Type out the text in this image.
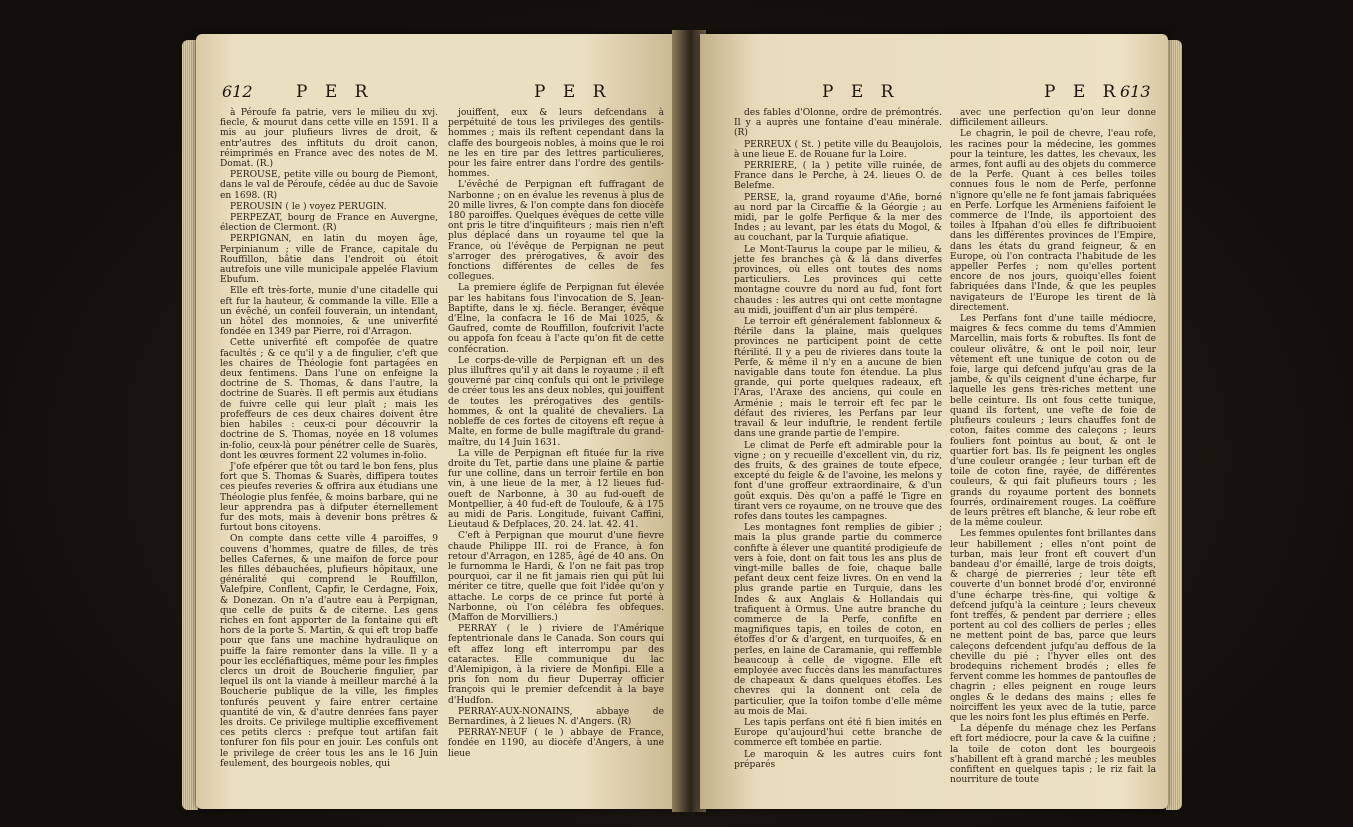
612	P E R	P E R

à Péroufe fa patrie, vers le milieu du xvj. fiecle, & mourut dans cette ville en 1591. Il a mis au jour plufieurs livres de droit, & entr'autres des inftituts du droit canon, réimprimés en France avec des notes de M. Domat. (R.)

PEROUSE, petite ville ou bourg de Piemont, dans le val de Péroufe, cédée au duc de Savoie en 1698. (R)

PEROUSIN ( le ) voyez PERUGIN.

PERPEZAT, bourg de France en Auvergne, élection de Clermont. (R)

PERPIGNAN, en latin du moyen âge, Perpinianum ; ville de France, capitale du Rouffillon, bâtie dans l'endroit où étoit autrefois une ville municipale appelée Flavium Ebufum.

Elle eft très-forte, munie d'une citadelle qui eft fur la hauteur, & commande la ville. Elle a un évêché, un confeil fouverain, un intendant, un hôtel des monnoies, & une univerfité fondée en 1349 par Pierre, roi d'Arragon.

Cette univerfité eft compofée de quatre facultés ; & ce qu'il y a de fingulier, c'eft que les chaires de Théologie font partagées en deux fentimens. Dans l'une on enfeigne la doctrine de S. Thomas, & dans l'autre, la doctrine de Suarès. Il eft permis aux étudians de fuivre celle qui leur plaît ; mais les profeffeurs de ces deux chaires doivent être bien habiles : ceux-ci pour découvrir la doctrine de S. Thomas, noyée en 18 volumes in-folio, ceux-là pour pénétrer celle de Suarès, dont les œuvres forment 22 volumes in-folio.

J'ofe efpérer que tôt ou tard le bon fens, plus fort que S. Thomas & Suarès, diffipera toutes ces pieufes reveries & offrira aux étudians une Théologie plus fenfée, & moins barbare, qui ne leur apprendra pas à difputer éternellement fur des mots, mais à devenir bons prêtres & furtout bons citoyens.

On compte dans cette ville 4 paroiffes, 9 couvens d'hommes, quatre de filles, de très belles Cafernes, & une maifon de force pour les filles débauchées, plufieurs hôpitaux, une généralité qui comprend le Rouffillon, Valefpire, Conflent, Capfir, le Cerdagne, Foix, & Donezan. On n'a d'autre eau à Perpignan, que celle de puits & de citerne. Les gens riches en font apporter de la fontaine qui eft hors de la porte S. Martin, & qui eft trop baffe pour que fans une machine hydraulique on puiffe la faire remonter dans la ville. Il y a pour les eccléfiaftiques, même pour les fimples clercs un droit de Boucherie fingulier, par lequel ils ont la viande à meilleur marché à la Boucherie publique de la ville, les fimples tonfurés peuvent y faire entrer certaine quantité de vin, & d'autre denrées fans payer les droits. Ce privilege multiplie exceffivement ces petits clercs : prefque tout artifan fait tonfurer fon fils pour en jouir. Les confuls ont le privilege de créer tous les ans le 16 Juin feulement, des bourgeois nobles, qui

jouiffent, eux & leurs defcendans à perpétuité de tous les privileges des gentils-hommes ; mais ils reftent cependant dans la claffe des bourgeois nobles, à moins que le roi ne les en tire par des lettres particulieres, pour les faire entrer dans l'ordre des gentils-hommes.

L'évêché de Perpignan eft fuffragant de Narbonne ; on en évalue les revenus à plus de 20 mille livres, & l'on compte dans fon diocèfe 180 paroiffes. Quelques évêques de cette ville ont pris le titre d'inquifiteurs ; mais rien n'eft plus déplacé dans un royaume tel que la France, où l'évêque de Perpignan ne peut s'arroger des prérogatives, & avoir des fonctions différentes de celles de fes collegues.

La premiere églife de Perpignan fut élevée par les habitans fous l'invocation de S. Jean-Baptifte, dans le xj. fiécle. Beranger, évêque d'Elne, la confacra le 16 de Mai 1025, & Gaufred, comte de Rouffillon, foufcrivit l'acte ou appofa fon fceau à l'acte qu'on fit de cette confécration.

Le corps-de-ville de Perpignan eft un des plus illuftres qu'il y ait dans le royaume ; il eft gouverné par cinq confuls qui ont le privilege de créer tous les ans deux nobles, qui jouiffent de toutes les prérogatives des gentils-hommes, & ont la qualité de chevaliers. La nobleffe de ces fortes de citoyens eft reçue à Malte, en forme de bulle magiftrale du grand-maître, du 14 Juin 1631.

La ville de Perpignan eft fituée fur la rive droite du Tet, partie dans une plaine & partie fur une colline, dans un terroir fertile en bon vin, à une lieue de la mer, à 12 lieues fud-oueft de Narbonne, à 30 au fud-oueft de Montpellier, à 40 fud-eft de Touloufe, & à 175 au midi de Paris. Longitude, fuivant Caffini, Lieutaud & Defplaces, 20. 24. lat. 42. 41.

C'eft à Perpignan que mourut d'une fievre chaude Philippe III. roi de France, à fon retour d'Arragon, en 1285, âgé de 40 ans. On le furnomma le Hardi, & l'on ne fait pas trop pourquoi, car il ne fit jamais rien qui pût lui mériter ce titre, quelle que foit l'idée qu'on y attache. Le corps de ce prince fut porté à Narbonne, où l'on célébra fes obfeques. (Maffon de Morvilliers.)

PERRAY ( le ) riviere de l'Amérique feptentrionale dans le Canada. Son cours qui eft affez long eft interrompu par des cataractes. Elle communique du lac d'Alemipigon, à la riviere de Monfipi. Elle a pris fon nom du fieur Duperray officier françois qui le premier defcendit à la baye d'Hudfon.

PERRAY-AUX-NONAINS, abbaye de Bernardines, à 2 lieues N. d'Angers. (R)

PERRAY-NEUF ( le ) abbaye de France, fondée en 1190, au diocèfe d'Angers, à une lieue

P E R	P E R
613

des fables d'Olonne, ordre de prémontrés. Il y a auprès une fontaine d'eau minérale. (R)

PERREUX ( St. ) petite ville du Beaujolois, à une lieue E. de Rouane fur la Loire.

PERRIERE, ( la ) petite ville ruinée, de France dans le Perche, à 24. lieues O. de Belefme.

PERSE, la, grand royaume d'Afie, borné au nord par la Circaffie & la Géorgie ; au midi, par le golfe Perfique & la mer des Indes ; au levant, par les états du Mogol, & au couchant, par la Turquie afiatique.

Le Mont-Taurus la coupe par le milieu, & jette fes branches çà & là dans diverfes provinces, où elles ont toutes des noms particuliers. Les provinces qui cette montagne couvre du nord au fud, font fort chaudes : les autres qui ont cette montagne au midi, jouiffent d'un air plus tempéré.

Le terroir eft généralement fablonneux & ftérile dans la plaine, mais quelques provinces ne participent point de cette ftérilité. Il y a peu de rivieres dans toute la Perfe, & même il n'y en a aucune de bien navigable dans toute fon étendue. La plus grande, qui porte quelques radeaux, eft l'Aras, l'Araxe des anciens, qui coule en Arménie ; mais le terroir eft fec par le défaut des rivieres, les Perfans par leur travail & leur induftrie, le rendent fertile dans une grande partie de l'empire.

Le climat de Perfe eft admirable pour la vigne ; on y recueille d'excellent vin, du riz, des fruits, & des graines de toute efpece, excepté du feigle & de l'avoine, les melons y font d'une groffeur extraordinaire, & d'un goût exquis. Dès qu'on a paffé le Tigre en tirant vers ce royaume, on ne trouve que des rofes dans toutes les campagnes.

Les montagnes font remplies de gibier ; mais la plus grande partie du commerce confifte à élever une quantité prodigieufe de vers à foie, dont on fait tous les ans plus de vingt-mille balles de foie, chaque balle pefant deux cent feize livres. On en vend la plus grande partie en Turquie, dans les Indes & aux Anglais & Hollandais qui trafiquent à Ormus. Une autre branche du commerce de la Perfe, confifte en magnifiques tapis, en toiles de coton, en étoffes d'or & d'argent, en turquoifes, & en perles, en laine de Caramanie, qui reffemble beaucoup à celle de vigogne. Elle eft employée avec fuccès dans les manufactures de chapeaux & dans quelques étoffes. Les chevres qui la donnent ont cela de particulier, que la toifon tombe d'elle même au mois de Mai.

Les tapis perfans ont été fi bien imités en Europe qu'aujourd'hui cette branche de commerce eft tombée en partie.

Le maroquin & les autres cuirs font préparés

avec une perfection qu'on leur donne difficilement ailleurs.

Le chagrin, le poil de chevre, l'eau rofe, les racines pour la médecine, les gommes pour la teinture, les dattes, les chevaux, les armes, font aufli au des objets du commerce de la Perfe. Quant à ces belles toiles connues fous le nom de Perfe, perfonne n'ignore qu'elle ne fe font jamais fabriquées en Perfe. Lorfque les Arméniens faifoient le commerce de l'Inde, ils apportoient des toiles à Ifpahan d'où elles fe diftribuoient dans les différentes provinces de l'Empire, dans les états du grand feigneur, & en Europe, où l'on contracta l'habitude de les appeller Perfes ; nom qu'elles portent encore de nos jours, quoiqu'elles foient fabriquées dans l'Inde, & que les peuples navigateurs de l'Europe les tirent de là directement.

Les Perfans font d'une taille médiocre, maigres & fecs comme du tems d'Ammien Marcellin, mais forts & robuftes. Ils font de couleur olivâtre, & ont le poil noir, leur vêtement eft une tunique de coton ou de foie, large qui defcend jufqu'au gras de la jambe, & qu'ils ceignent d'une écharpe, fur laquelle les gens très-riches mettent une belle ceinture. Ils ont fous cette tunique, quand ils fortent, une vefte de foie de plufieurs couleurs ; leurs chauffes font de coton, faites comme des caleçons ; leurs fouliers font pointus au bout, & ont le quartier fort bas. Ils fe peignent les ongles d'une couleur orangée ; leur turban eft de toile de coton fine, rayée, de différentes couleurs, & qui fait plufieurs tours ; les grands du royaume portent des bonnets fourrés, ordinairement rouges. La coëffure de leurs prêtres eft blanche, & leur robe eft de la même couleur.

Les femmes opulentes font brillantes dans leur habillement ; elles n'ont point de turban, mais leur front eft couvert d'un bandeau d'or émaillé, large de trois doigts, & chargé de pierreries ; leur tête eft couverte d'un bonnet brodé d'or, environné d'une écharpe très-fine, qui voltige & defcend jufqu'à la ceinture ; leurs cheveux font treffés, & pendent par derriere ; elles portent au col des colliers de perles ; elles ne mettent point de bas, parce que leurs caleçons defcendent jufqu'au deffous de la cheville du pié ; l'hyver elles ont des brodequins richement brodés ; elles fe fervent comme les hommes de pantoufles de chagrin ; elles peignent en rouge leurs ongles & le dedans des mains ; elles fe noirciffent les yeux avec de la tutie, parce que les noirs font les plus eftimés en Perfe.

La dépenfe du ménage chez les Perfans eft fort médiocre, pour la cave & la cuifine ; la toile de coton dont les bourgeois s'habillent eft à grand marché ; les meubles confiftent en quelques tapis ; le riz fait la nourriture de toute
